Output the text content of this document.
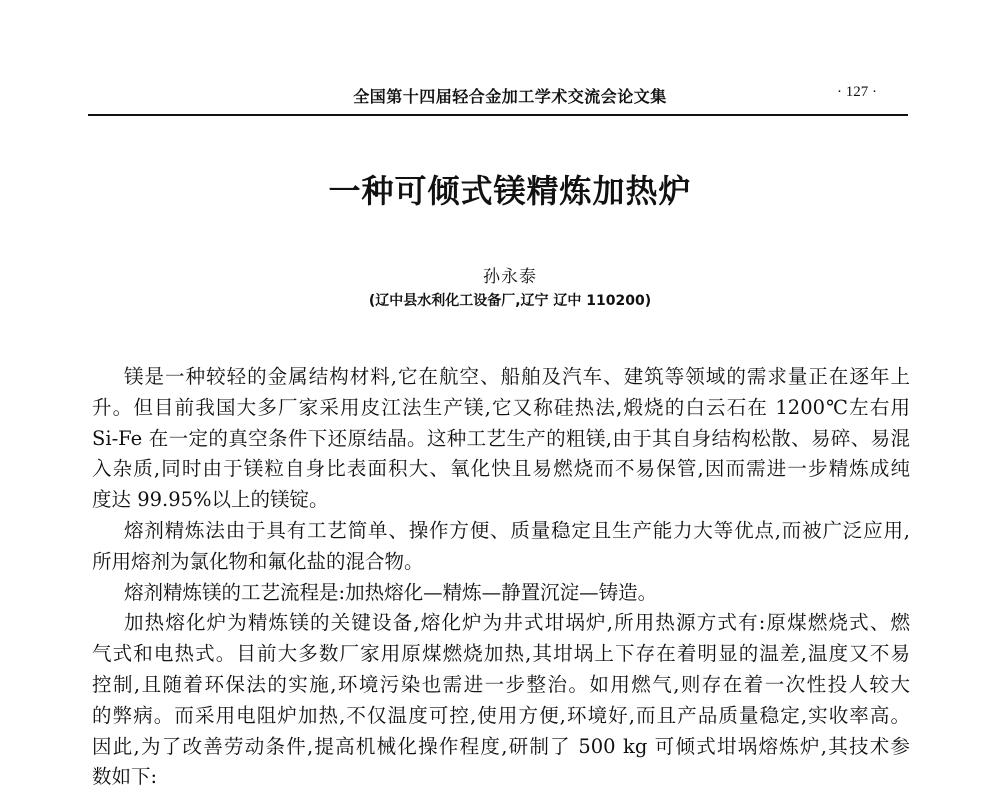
全国第十四届轻合金加工学术交流会论文集	· 127 ·
一种可倾式镁精炼加热炉
孙永泰
(辽中县水利化工设备厂,辽宁 辽中 110200)
镁是一种较轻的金属结构材料,它在航空、船舶及汽车、建筑等领域的需求量正在逐年上
升。但目前我国大多厂家采用皮江法生产镁,它又称硅热法,煅烧的白云石在 1200℃左右用
Si-Fe 在一定的真空条件下还原结晶。这种工艺生产的粗镁,由于其自身结构松散、易碎、易混
入杂质,同时由于镁粒自身比表面积大、氧化快且易燃烧而不易保管,因而需进一步精炼成纯
度达 99.95%以上的镁锭。
熔剂精炼法由于具有工艺简单、操作方便、质量稳定且生产能力大等优点,而被广泛应用,
所用熔剂为氯化物和氟化盐的混合物。
熔剂精炼镁的工艺流程是:加热熔化—精炼—静置沉淀—铸造。
加热熔化炉为精炼镁的关键设备,熔化炉为井式坩埚炉,所用热源方式有:原煤燃烧式、燃
气式和电热式。目前大多数厂家用原煤燃烧加热,其坩埚上下存在着明显的温差,温度又不易
控制,且随着环保法的实施,环境污染也需进一步整治。如用燃气,则存在着一次性投人较大
的弊病。而采用电阻炉加热,不仅温度可控,使用方便,环境好,而且产品质量稳定,实收率高。
因此,为了改善劳动条件,提高机械化操作程度,研制了 500 kg 可倾式坩埚熔炼炉,其技术参
数如下:
